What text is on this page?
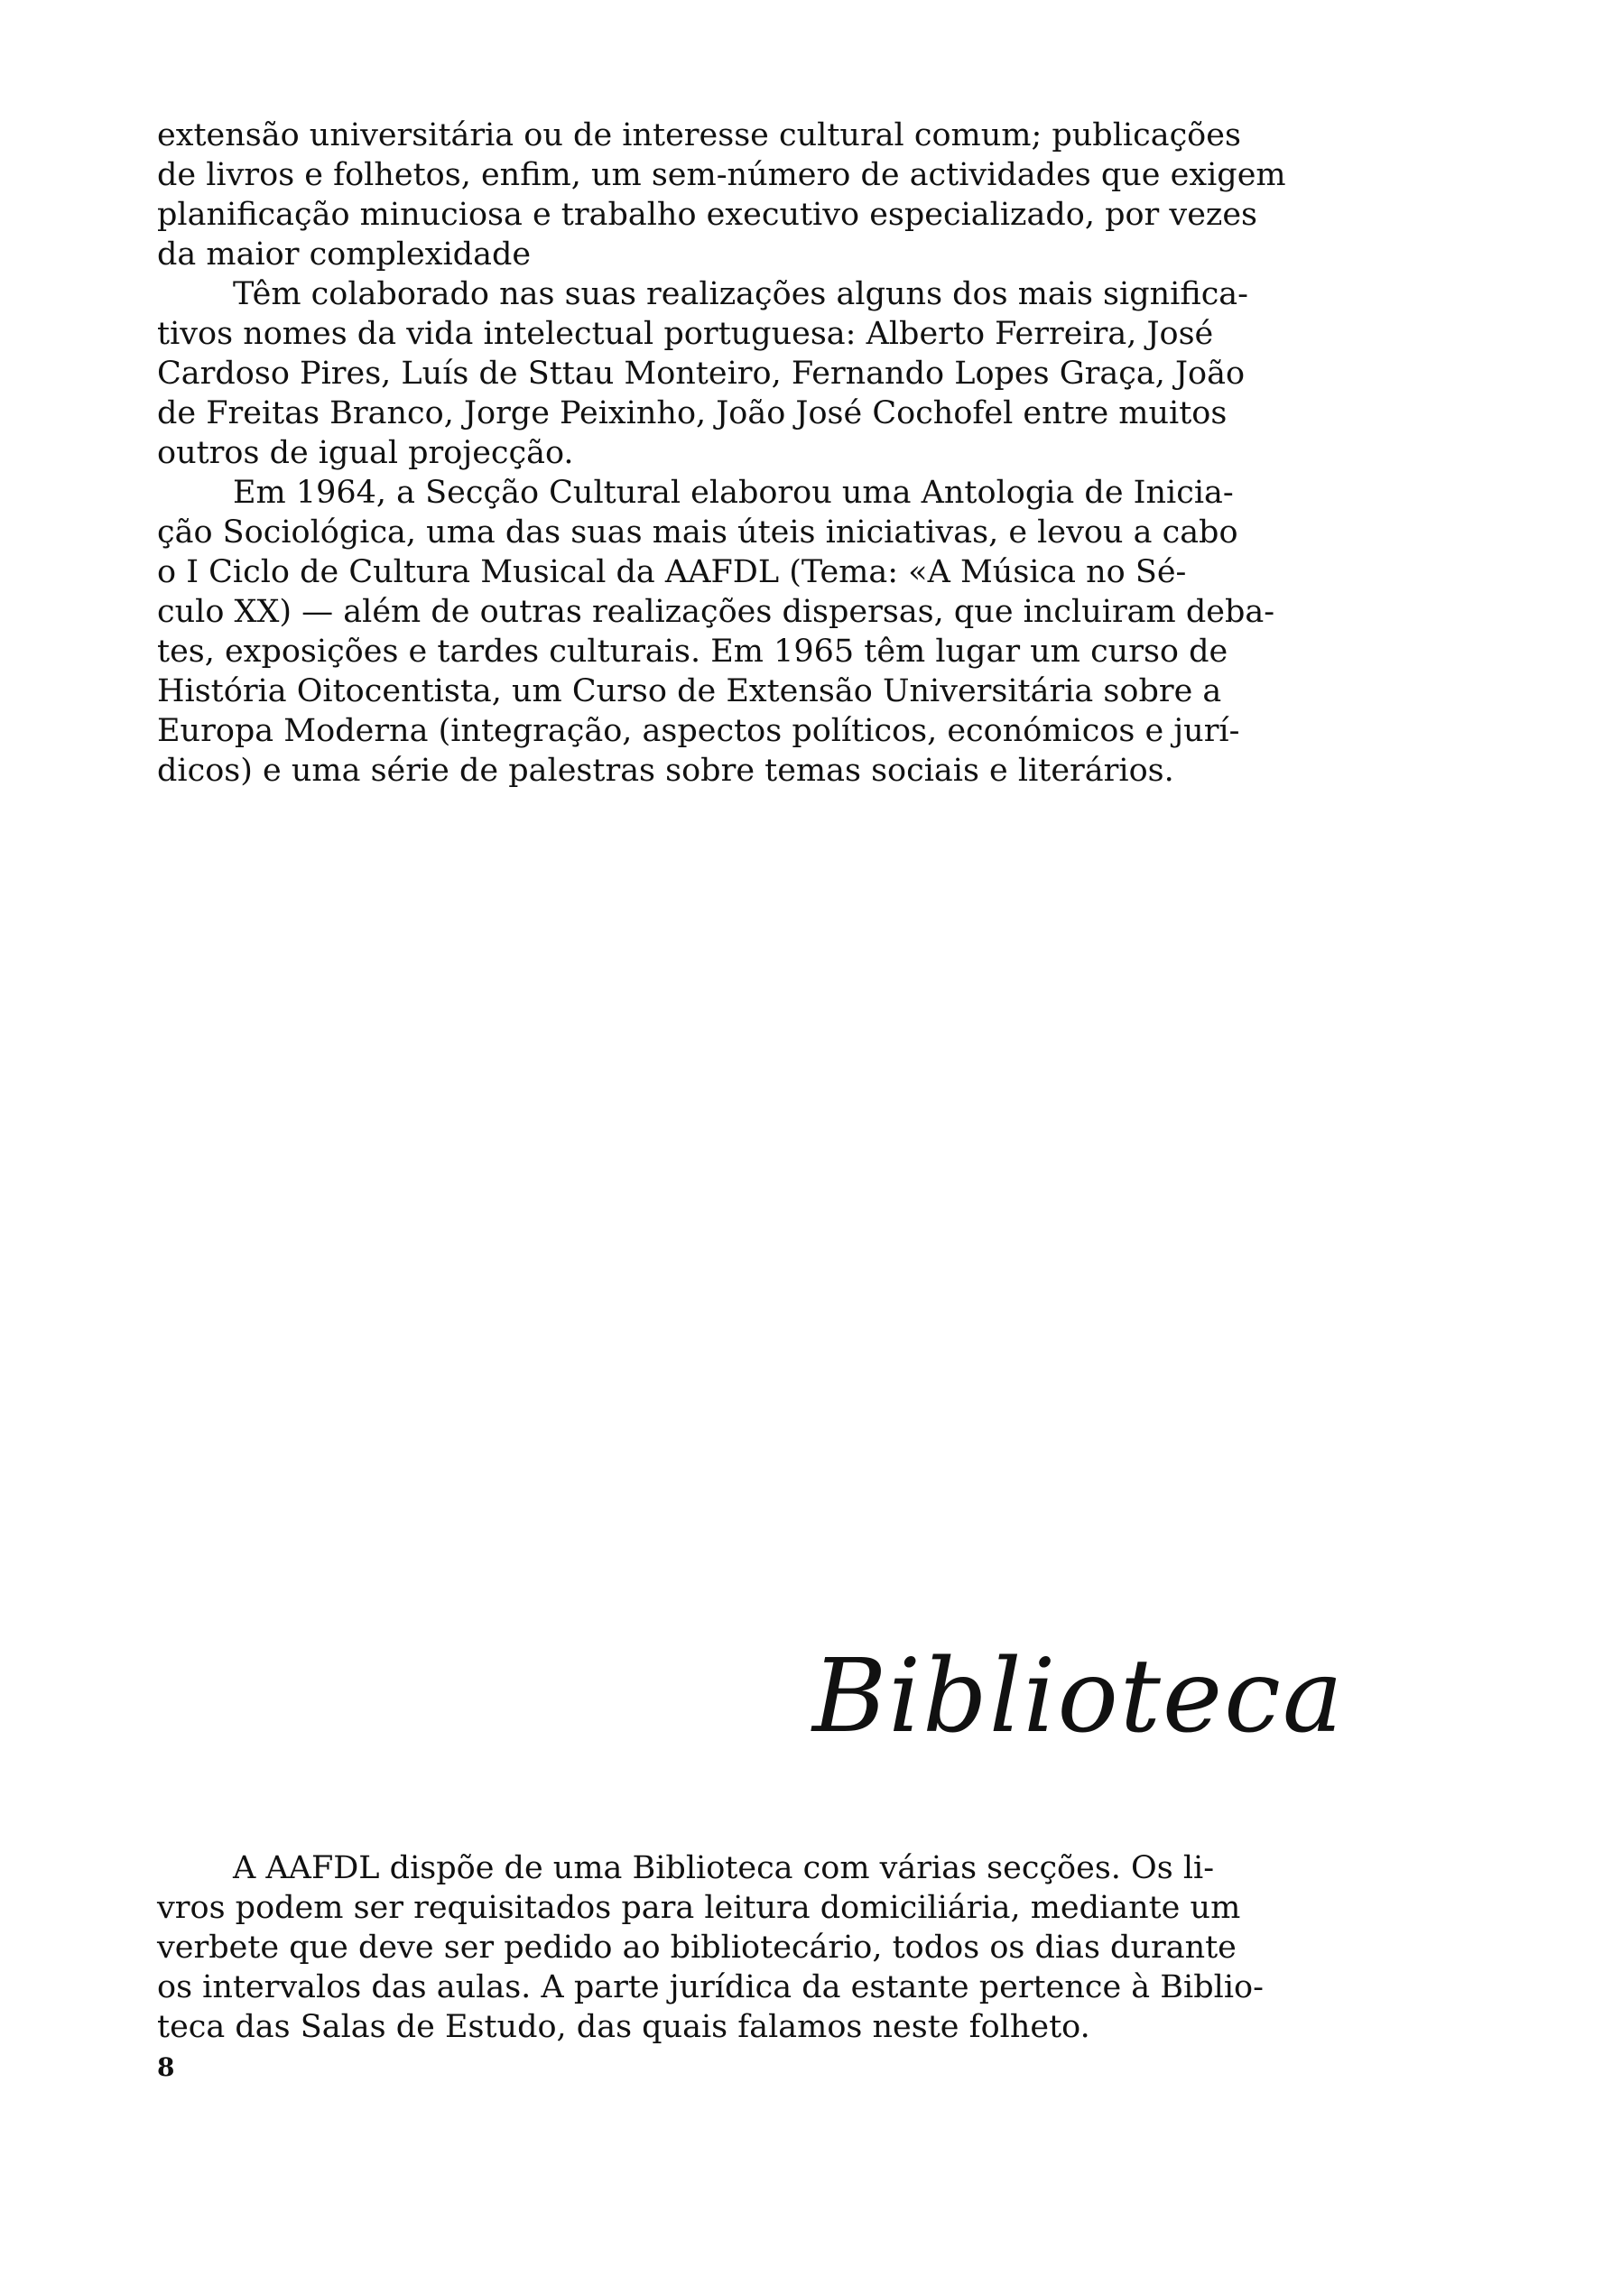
extensão universitária ou de interesse cultural comum; publicações
de livros e folhetos, enfim, um sem-número de actividades que exigem
planificação minuciosa e trabalho executivo especializado, por vezes
da maior complexidade
Têm colaborado nas suas realizações alguns dos mais significa-
tivos nomes da vida intelectual portuguesa: Alberto Ferreira, José
Cardoso Pires, Luís de Sttau Monteiro, Fernando Lopes Graça, João
de Freitas Branco, Jorge Peixinho, João José Cochofel entre muitos
outros de igual projecção.
Em 1964, a Secção Cultural elaborou uma Antologia de Inicia-
ção Sociológica, uma das suas mais úteis iniciativas, e levou a cabo
o I Ciclo de Cultura Musical da AAFDL (Tema: «A Música no Sé-
culo XX) — além de outras realizações dispersas, que incluiram deba-
tes, exposições e tardes culturais. Em 1965 têm lugar um curso de
História Oitocentista, um Curso de Extensão Universitária sobre a
Europa Moderna (integração, aspectos políticos, económicos e jurí-
dicos) e uma série de palestras sobre temas sociais e literários.
Biblioteca
A AAFDL dispõe de uma Biblioteca com várias secções. Os li-
vros podem ser requisitados para leitura domiciliária, mediante um
verbete que deve ser pedido ao bibliotecário, todos os dias durante
os intervalos das aulas. A parte jurídica da estante pertence à Biblio-
teca das Salas de Estudo, das quais falamos neste folheto.
8
